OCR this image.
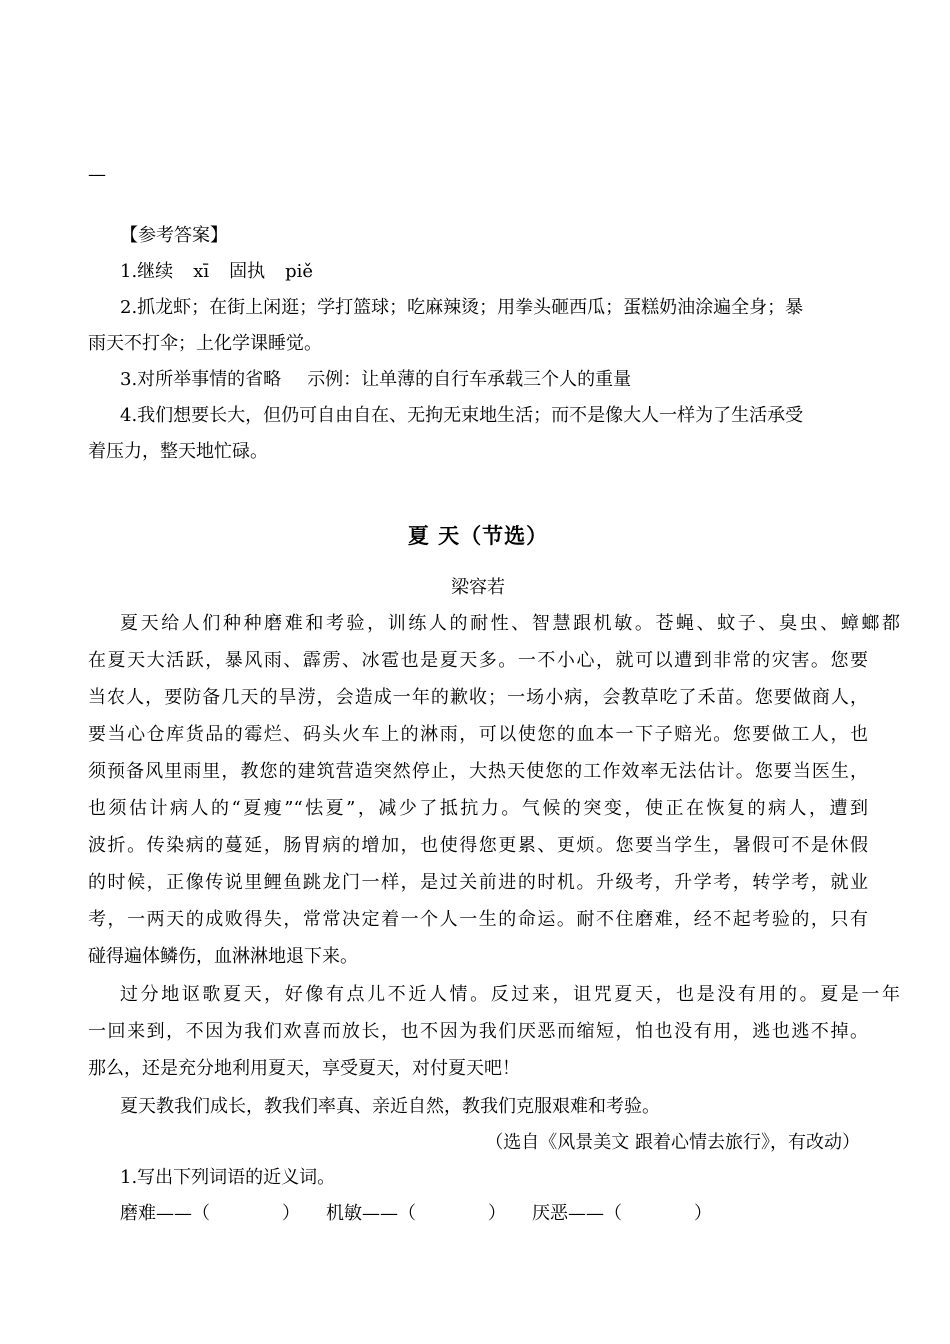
—
【参考答案】
1.继续 xī 固执 piě
2.抓龙虾；在街上闲逛；学打篮球；吃麻辣烫；用拳头砸西瓜；蛋糕奶油涂遍全身；暴
雨天不打伞；上化学课睡觉。
3.对所举事情的省略 示例：让单薄的自行车承载三个人的重量
4.我们想要长大，但仍可自由自在、无拘无束地生活；而不是像大人一样为了生活承受
着压力，整天地忙碌。
夏 天（节选）
梁容若
夏天给人们种种磨难和考验，训练人的耐性、智慧跟机敏。苍蝇、蚊子、臭虫、蟑螂都
在夏天大活跃，暴风雨、霹雳、冰雹也是夏天多。一不小心，就可以遭到非常的灾害。您要
当农人，要防备几天的旱涝，会造成一年的歉收；一场小病，会教草吃了禾苗。您要做商人，
要当心仓库货品的霉烂、码头火车上的淋雨，可以使您的血本一下子赔光。您要做工人，也
须预备风里雨里，教您的建筑营造突然停止，大热天使您的工作效率无法估计。您要当医生，
也须估计病人的“夏瘦”“怯夏”，减少了抵抗力。气候的突变，使正在恢复的病人，遭到
波折。传染病的蔓延，肠胃病的增加，也使得您更累、更烦。您要当学生，暑假可不是休假
的时候，正像传说里鲤鱼跳龙门一样，是过关前进的时机。升级考，升学考，转学考，就业
考，一两天的成败得失，常常决定着一个人一生的命运。耐不住磨难，经不起考验的，只有
碰得遍体鳞伤，血淋淋地退下来。
过分地讴歌夏天，好像有点儿不近人情。反过来，诅咒夏天，也是没有用的。夏是一年
一回来到，不因为我们欢喜而放长，也不因为我们厌恶而缩短，怕也没有用，逃也逃不掉。
那么，还是充分地利用夏天，享受夏天，对付夏天吧！
夏天教我们成长，教我们率真、亲近自然，教我们克服艰难和考验。
（选自《风景美文 跟着心情去旅行》，有改动）
1.写出下列词语的近义词。
磨难——（	） 机敏——（	） 厌恶——（	）
